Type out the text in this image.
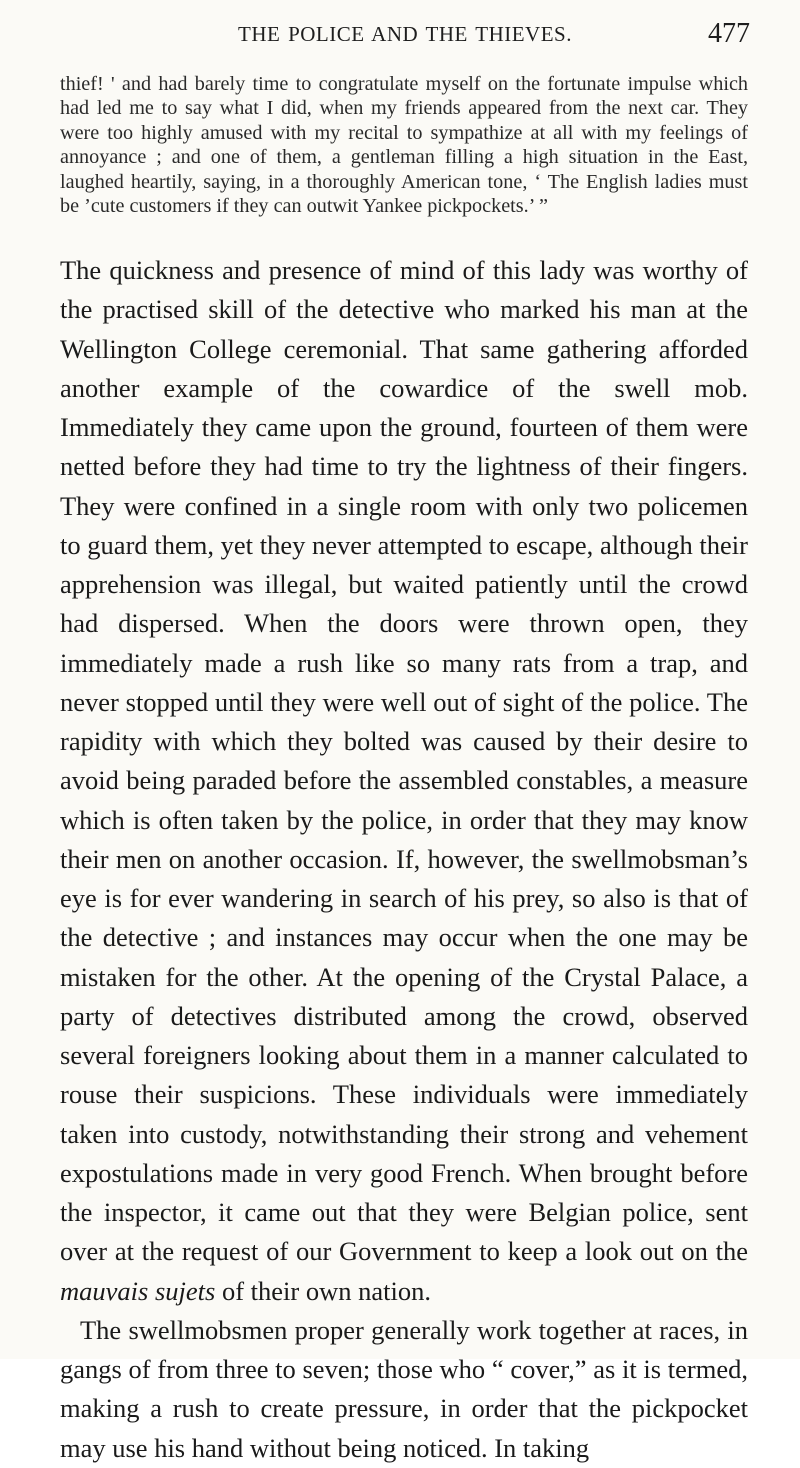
THE POLICE AND THE THIEVES.	477

thief! ' and had barely time to congratulate myself on the fortunate impulse which had led me to say what I did, when my friends appeared from the next car. They were too highly amused with my recital to sympathize at all with my feelings of annoyance ; and one of them, a gentleman filling a high situation in the East, laughed heartily, saying, in a thoroughly American tone, ‘ The English ladies must be ’cute customers if they can outwit Yankee pickpockets.’ ”

The quickness and presence of mind of this lady was worthy of the practised skill of the detective who marked his man at the Wellington College ceremonial. That same gathering afforded another example of the cowardice of the swell mob. Immediately they came upon the ground, fourteen of them were netted before they had time to try the lightness of their fingers. They were confined in a single room with only two policemen to guard them, yet they never attempted to escape, although their apprehension was illegal, but waited patiently until the crowd had dispersed. When the doors were thrown open, they immediately made a rush like so many rats from a trap, and never stopped until they were well out of sight of the police. The rapidity with which they bolted was caused by their desire to avoid being paraded before the assembled constables, a measure which is often taken by the police, in order that they may know their men on another occasion. If, however, the swellmobsman’s eye is for ever wandering in search of his prey, so also is that of the detective ; and instances may occur when the one may be mistaken for the other. At the opening of the Crystal Palace, a party of detectives distributed among the crowd, observed several foreigners looking about them in a manner calculated to rouse their suspicions. These individuals were immediately taken into custody, notwithstanding their strong and vehement expostulations made in very good French. When brought before the inspector, it came out that they were Belgian police, sent over at the request of our Government to keep a look out on the mauvais sujets of their own nation.

The swellmobsmen proper generally work together at races, in gangs of from three to seven; those who “ cover,” as it is termed, making a rush to create pressure, in order that the pickpocket may use his hand without being noticed. In taking
